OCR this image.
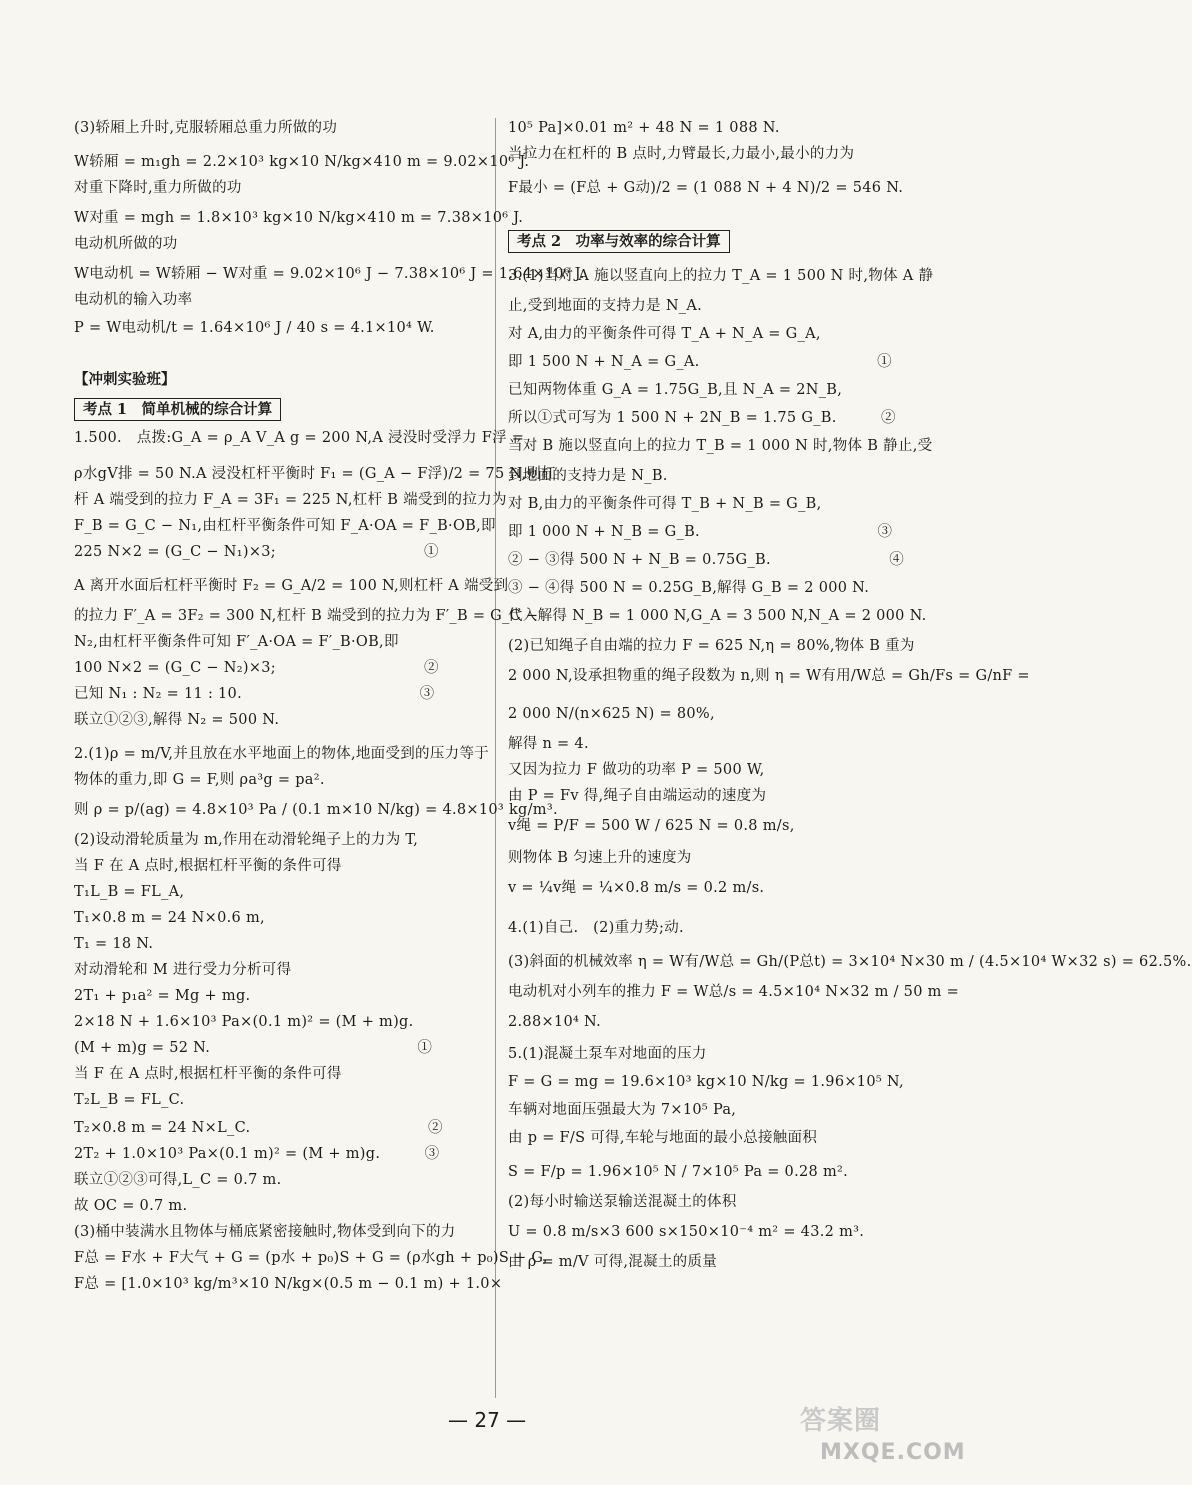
(3)轿厢上升时,克服轿厢总重力所做的功
W轿厢 = m₁gh = 2.2×10³ kg×10 N/kg×410 m = 9.02×10⁶ J.
对重下降时,重力所做的功
W对重 = mgh = 1.8×10³ kg×10 N/kg×410 m = 7.38×10⁶ J.
电动机所做的功
W电动机 = W轿厢 − W对重 = 9.02×10⁶ J − 7.38×10⁶ J = 1.64×10⁶ J.
电动机的输入功率
P = W电动机/t = 1.64×10⁶ J / 40 s = 4.1×10⁴ W.
【冲刺实验班】
考点 1　简单机械的综合计算
1.500.　点拨:G_A = ρ_A V_A g = 200 N,A 浸没时受浮力 F浮 =
ρ水gV排 = 50 N.A 浸没杠杆平衡时 F₁ = (G_A − F浮)/2 = 75 N,则杠
杆 A 端受到的拉力 F_A = 3F₁ = 225 N,杠杆 B 端受到的拉力为
F_B = G_C − N₁,由杠杆平衡条件可知 F_A·OA = F_B·OB,即
225 N×2 = (G_C − N₁)×3;　　　　　　　　　　①
A 离开水面后杠杆平衡时 F₂ = G_A/2 = 100 N,则杠杆 A 端受到
的拉力 F′_A = 3F₂ = 300 N,杠杆 B 端受到的拉力为 F′_B = G_C −
N₂,由杠杆平衡条件可知 F′_A·OA = F′_B·OB,即
100 N×2 = (G_C − N₂)×3;　　　　　　　　　　②
已知 N₁ : N₂ = 11 : 10.　　　　　　　　　　　　③
联立①②③,解得 N₂ = 500 N.
2.(1)ρ = m/V,并且放在水平地面上的物体,地面受到的压力等于
物体的重力,即 G = F,则 ρa³g = pa².
则 ρ = p/(ag) = 4.8×10³ Pa / (0.1 m×10 N/kg) = 4.8×10³ kg/m³.
(2)设动滑轮质量为 m,作用在动滑轮绳子上的力为 T,
当 F 在 A 点时,根据杠杆平衡的条件可得
T₁L_B = FL_A,
T₁×0.8 m = 24 N×0.6 m,
T₁ = 18 N.
对动滑轮和 M 进行受力分析可得
2T₁ + p₁a² = Mg + mg.
2×18 N + 1.6×10³ Pa×(0.1 m)² = (M + m)g.
(M + m)g = 52 N.　　　　　　　　　　　　　　①
当 F 在 A 点时,根据杠杆平衡的条件可得
T₂L_B = FL_C.
T₂×0.8 m = 24 N×L_C.　　　　　　　　　　　　②
2T₂ + 1.0×10³ Pa×(0.1 m)² = (M + m)g.　　　③
联立①②③可得,L_C = 0.7 m.
故 OC = 0.7 m.
(3)桶中装满水且物体与桶底紧密接触时,物体受到向下的力
F总 = F水 + F大气 + G = (p水 + p₀)S + G = (ρ水gh + p₀)S + G,
F总 = [1.0×10³ kg/m³×10 N/kg×(0.5 m − 0.1 m) + 1.0×
10⁵ Pa]×0.01 m² + 48 N = 1 088 N.
当拉力在杠杆的 B 点时,力臂最长,力最小,最小的力为
F最小 = (F总 + G动)/2 = (1 088 N + 4 N)/2 = 546 N.
考点 2　功率与效率的综合计算
3.(1)当对 A 施以竖直向上的拉力 T_A = 1 500 N 时,物体 A 静
止,受到地面的支持力是 N_A.
对 A,由力的平衡条件可得 T_A + N_A = G_A,
即 1 500 N + N_A = G_A.　　　　　　　　　　　　①
已知两物体重 G_A = 1.75G_B,且 N_A = 2N_B,
所以①式可写为 1 500 N + 2N_B = 1.75 G_B.　　　②
当对 B 施以竖直向上的拉力 T_B = 1 000 N 时,物体 B 静止,受
到地面的支持力是 N_B.
对 B,由力的平衡条件可得 T_B + N_B = G_B,
即 1 000 N + N_B = G_B.　　　　　　　　　　　　③
② − ③得 500 N + N_B = 0.75G_B.　　　　　　　　④
③ − ④得 500 N = 0.25G_B,解得 G_B = 2 000 N.
代入解得 N_B = 1 000 N,G_A = 3 500 N,N_A = 2 000 N.
(2)已知绳子自由端的拉力 F = 625 N,η = 80%,物体 B 重为
2 000 N,设承担物重的绳子段数为 n,则 η = W有用/W总 = Gh/Fs = G/nF =
2 000 N/(n×625 N) = 80%,
解得 n = 4.
又因为拉力 F 做功的功率 P = 500 W,
由 P = Fv 得,绳子自由端运动的速度为
v绳 = P/F = 500 W / 625 N = 0.8 m/s,
则物体 B 匀速上升的速度为
v = ¼v绳 = ¼×0.8 m/s = 0.2 m/s.
4.(1)自己.　(2)重力势;动.
(3)斜面的机械效率 η = W有/W总 = Gh/(P总t) = 3×10⁴ N×30 m / (4.5×10⁴ W×32 s) = 62.5%.
电动机对小列车的推力 F = W总/s = 4.5×10⁴ N×32 m / 50 m =
2.88×10⁴ N.
5.(1)混凝土泵车对地面的压力
F = G = mg = 19.6×10³ kg×10 N/kg = 1.96×10⁵ N,
车辆对地面压强最大为 7×10⁵ Pa,
由 p = F/S 可得,车轮与地面的最小总接触面积
S = F/p = 1.96×10⁵ N / 7×10⁵ Pa = 0.28 m².
(2)每小时输送泵输送混凝土的体积
U = 0.8 m/s×3 600 s×150×10⁻⁴ m² = 43.2 m³.
由 ρ = m/V 可得,混凝土的质量
— 27 —	答案圈
MXQE.COM
